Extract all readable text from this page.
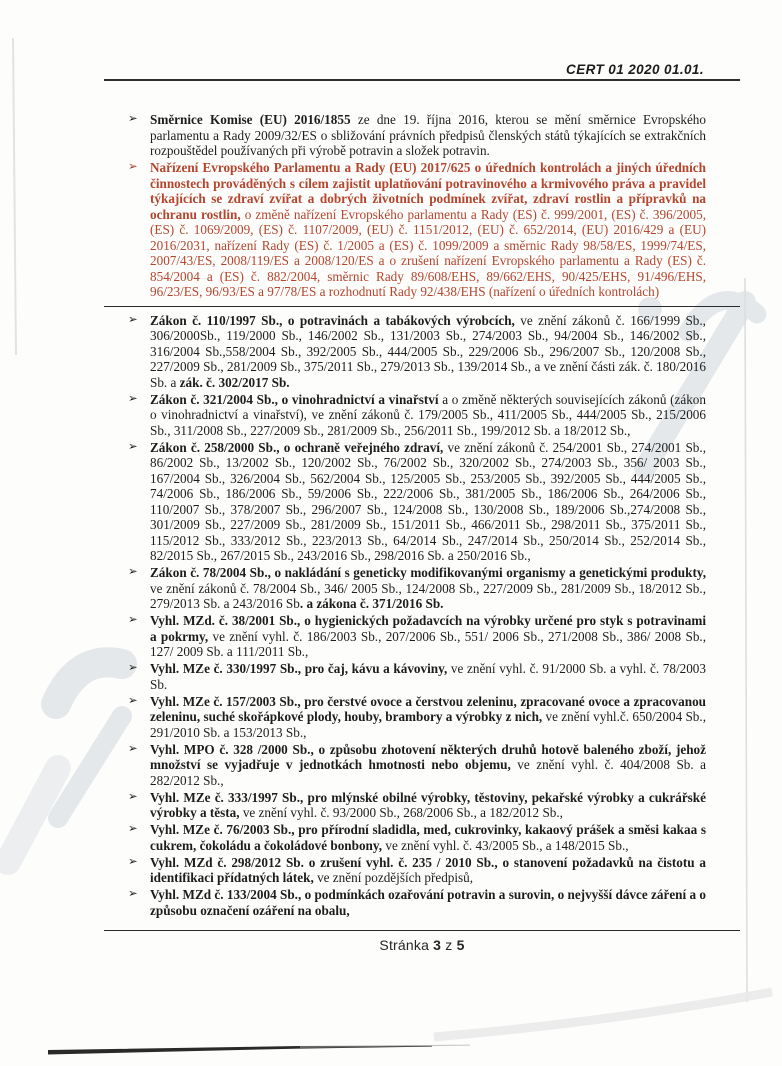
CERT 01 2020 01.01.
➢ Směrnice Komise (EU) 2016/1855 ze dne 19. října 2016, kterou se mění směrnice Evropského parlamentu a Rady 2009/32/ES o sbližování právních předpisů členských států týkajících se extrakčních rozpouštědel používaných při výrobě potravin a složek potravin.
➢ Nařízení Evropského Parlamentu a Rady (EU) 2017/625 o úředních kontrolách a jiných úředních činnostech prováděných s cílem zajistit uplatňování potravinového a krmivového práva a pravidel týkajících se zdraví zvířat a dobrých životních podmínek zvířat, zdraví rostlin a přípravků na ochranu rostlin, o změně nařízení Evropského parlamentu a Rady (ES) č. 999/2001, (ES) č. 396/2005, (ES) č. 1069/2009, (ES) č. 1107/2009, (EU) č. 1151/2012, (EU) č. 652/2014, (EU) 2016/429 a (EU) 2016/2031, nařízení Rady (ES) č. 1/2005 a (ES) č. 1099/2009 a směrnic Rady 98/58/ES, 1999/74/ES, 2007/43/ES, 2008/119/ES a 2008/120/ES a o zrušení nařízení Evropského parlamentu a Rady (ES) č. 854/2004 a (ES) č. 882/2004, směrnic Rady 89/608/EHS, 89/662/EHS, 90/425/EHS, 91/496/EHS, 96/23/ES, 96/93/ES a 97/78/ES a rozhodnutí Rady 92/438/EHS (nařízení o úředních kontrolách)
➢ Zákon č. 110/1997 Sb., o potravinách a tabákových výrobcích, ve znění zákonů č. 166/1999 Sb., 306/2000Sb., 119/2000 Sb., 146/2002 Sb., 131/2003 Sb., 274/2003 Sb., 94/2004 Sb., 146/2002 Sb., 316/2004 Sb.,558/2004 Sb., 392/2005 Sb., 444/2005 Sb., 229/2006 Sb., 296/2007 Sb., 120/2008 Sb., 227/2009 Sb., 281/2009 Sb., 375/2011 Sb., 279/2013 Sb., 139/2014 Sb., a ve znění části zák. č. 180/2016 Sb. a zák. č. 302/2017 Sb.
➢ Zákon č. 321/2004 Sb., o vinohradnictví a vinařství a o změně některých souvisejících zákonů (zákon o vinohradnictví a vinařství), ve znění zákonů č. 179/2005 Sb., 411/2005 Sb., 444/2005 Sb., 215/2006 Sb., 311/2008 Sb., 227/2009 Sb., 281/2009 Sb., 256/2011 Sb., 199/2012 Sb. a 18/2012 Sb.,
➢ Zákon č. 258/2000 Sb., o ochraně veřejného zdraví, ve znění zákonů č. 254/2001 Sb., 274/2001 Sb., 86/2002 Sb., 13/2002 Sb., 120/2002 Sb., 76/2002 Sb., 320/2002 Sb., 274/2003 Sb., 356/ 2003 Sb., 167/2004 Sb., 326/2004 Sb., 562/2004 Sb., 125/2005 Sb., 253/2005 Sb., 392/2005 Sb., 444/2005 Sb., 74/2006 Sb., 186/2006 Sb., 59/2006 Sb., 222/2006 Sb., 381/2005 Sb., 186/2006 Sb., 264/2006 Sb., 110/2007 Sb., 378/2007 Sb., 296/2007 Sb., 124/2008 Sb., 130/2008 Sb., 189/2006 Sb.,274/2008 Sb., 301/2009 Sb., 227/2009 Sb., 281/2009 Sb., 151/2011 Sb., 466/2011 Sb., 298/2011 Sb., 375/2011 Sb., 115/2012 Sb., 333/2012 Sb., 223/2013 Sb., 64/2014 Sb., 247/2014 Sb., 250/2014 Sb., 252/2014 Sb., 82/2015 Sb., 267/2015 Sb., 243/2016 Sb., 298/2016 Sb. a 250/2016 Sb.,
➢ Zákon č. 78/2004 Sb., o nakládání s geneticky modifikovanými organismy a genetickými produkty, ve znění zákonů č. 78/2004 Sb., 346/ 2005 Sb., 124/2008 Sb., 227/2009 Sb., 281/2009 Sb., 18/2012 Sb., 279/2013 Sb. a 243/2016 Sb. a zákona č. 371/2016 Sb.
➢ Vyhl. MZd. č. 38/2001 Sb., o hygienických požadavcích na výrobky určené pro styk s potravinami a pokrmy, ve znění vyhl. č. 186/2003 Sb., 207/2006 Sb., 551/ 2006 Sb., 271/2008 Sb., 386/ 2008 Sb., 127/ 2009 Sb. a 111/2011 Sb.,
➢ Vyhl. MZe č. 330/1997 Sb., pro čaj, kávu a kávoviny, ve znění vyhl. č. 91/2000 Sb. a vyhl. č. 78/2003 Sb.
➢ Vyhl. MZe č. 157/2003 Sb., pro čerstvé ovoce a čerstvou zeleninu, zpracované ovoce a zpracovanou zeleninu, suché skořápkové plody, houby, brambory a výrobky z nich, ve znění vyhl.č. 650/2004 Sb., 291/2010 Sb. a 153/2013 Sb.,
➢ Vyhl. MPO č. 328 /2000 Sb., o způsobu zhotovení některých druhů hotově baleného zboží, jehož množství se vyjadřuje v jednotkách hmotnosti nebo objemu, ve znění vyhl. č. 404/2008 Sb. a 282/2012 Sb.,
➢ Vyhl. MZe č. 333/1997 Sb., pro mlýnské obilné výrobky, těstoviny, pekařské výrobky a cukrářské výrobky a těsta, ve znění vyhl. č. 93/2000 Sb., 268/2006 Sb., a 182/2012 Sb.,
➢ Vyhl. MZe č. 76/2003 Sb., pro přírodní sladidla, med, cukrovinky, kakaový prášek a směsi kakaa s cukrem, čokoládu a čokoládové bonbony, ve znění vyhl. č. 43/2005 Sb., a 148/2015 Sb.,
➢ Vyhl. MZd č. 298/2012 Sb. o zrušení vyhl. č. 235 / 2010 Sb., o stanovení požadavků na čistotu a identifikaci přídatných látek, ve znění pozdějších předpisů,
➢ Vyhl. MZd č. 133/2004 Sb., o podmínkách ozařování potravin a surovin, o nejvyšší dávce záření a o způsobu označení ozáření na obalu,
Stránka 3 z 5
